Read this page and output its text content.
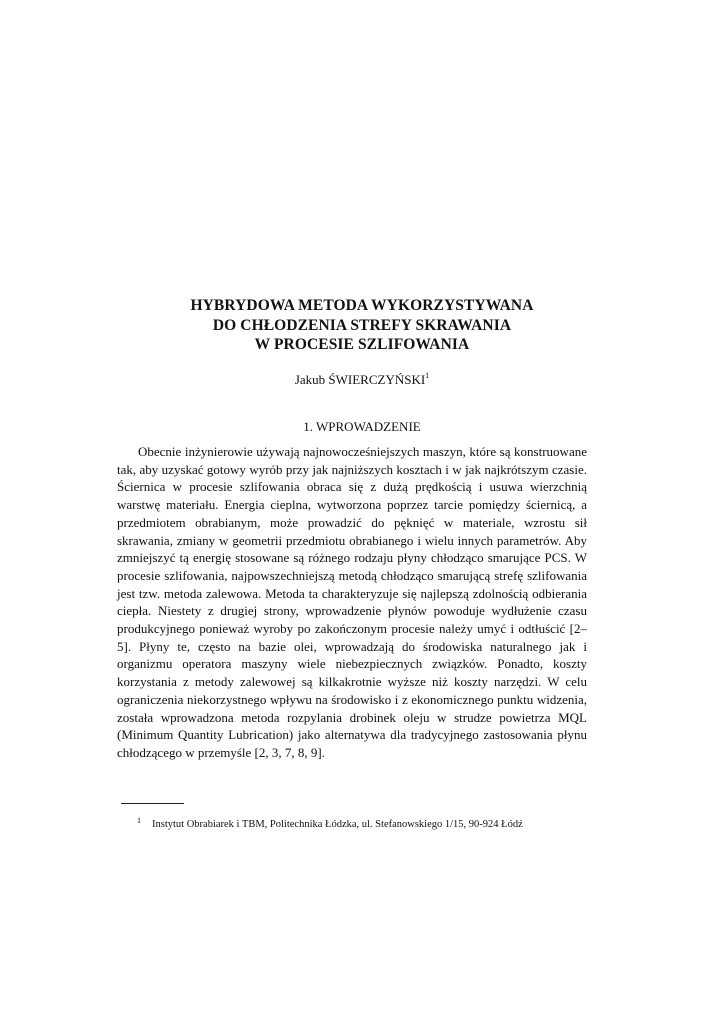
HYBRYDOWA METODA WYKORZYSTYWANA
DO CHŁODZENIA STREFY SKRAWANIA
W PROCESIE SZLIFOWANIA
Jakub ŚWIERCZYŃSKI$^1$
1. WPROWADZENIE

Obecnie inżynierowie używają najnowocześniejszych maszyn, które są konstruowane tak, aby uzyskać gotowy wyrób przy jak najniższych kosztach i w jak najkrótszym czasie. Ściernica w procesie szlifowania obraca się z dużą prędkością i usuwa wierzchnią warstwę materiału. Energia cieplna, wytworzona poprzez tarcie pomiędzy ściernicą, a przedmiotem obrabianym, może prowadzić do pęknięć w materiale, wzrostu sił skrawania, zmiany w geometrii przedmiotu obrabianego i wielu innych parametrów. Aby zmniejszyć tą energię stosowane są różnego rodzaju płyny chłodząco smarujące PCS. W procesie szlifowania, najpowszechniejszą metodą chłodząco smarującą strefę szlifowania jest tzw. metoda zalewowa. Metoda ta charakteryzuje się najlepszą zdolnością odbierania ciepła. Niestety z drugiej strony, wprowadzenie płynów powoduje wydłużenie czasu produkcyjnego ponieważ wyroby po zakończonym procesie należy umyć i odtłuścić [2–5]. Płyny te, często na bazie olei, wprowadzają do środowiska naturalnego jak i organizmu operatora maszyny wiele niebezpiecznych związków. Ponadto, koszty korzystania z metody zalewowej są kilkakrotnie wyższe niż koszty narzędzi. W celu ograniczenia niekorzystnego wpływu na środowisko i z ekonomicznego punktu widzenia, została wprowadzona metoda rozpylania drobinek oleju w strudze powietrza MQL (Minimum Quantity Lubrication) jako alternatywa dla tradycyjnego zastosowania płynu chłodzącego w przemyśle [2, 3, 7, 8, 9].

$^1$ Instytut Obrabiarek i TBM, Politechnika Łódzka, ul. Stefanowskiego 1/15, 90-924 Łódź
